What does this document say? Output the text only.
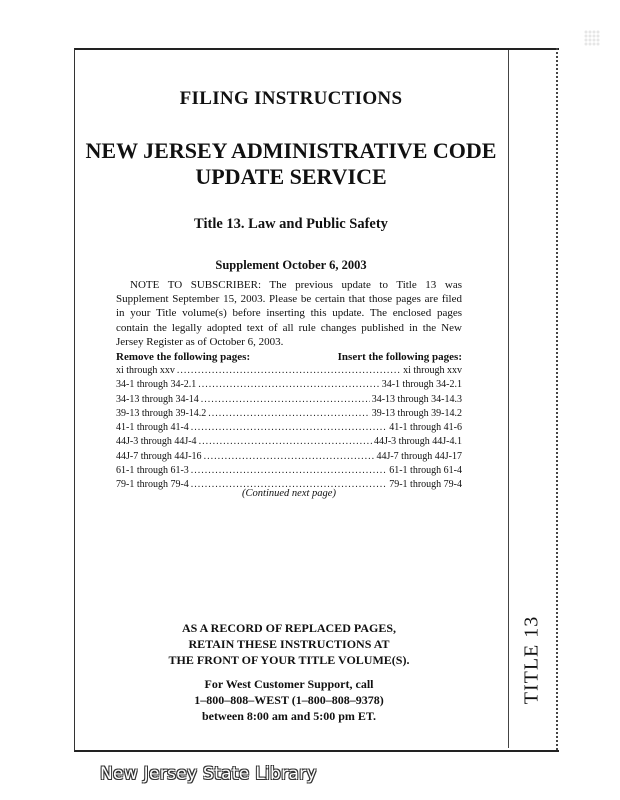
TITLE 13
FILING INSTRUCTIONS
NEW JERSEY ADMINISTRATIVE CODE
UPDATE SERVICE
Title 13. Law and Public Safety
Supplement October 6, 2003
NOTE TO SUBSCRIBER: The previous update to Title 13 was Supplement September 15, 2003. Please be certain that those pages are filed in your Title volume(s) before inserting this update. The enclosed pages contain the legally adopted text of all rule changes published in the New Jersey Register as of October 6, 2003.
Remove the following pages:	Insert the following pages:
xi through xxv .....	xi through xxv
34-1 through 34-2.1 .....	34-1 through 34-2.1
34-13 through 34-14 .....	34-13 through 34-14.3
39-13 through 39-14.2 .....	39-13 through 39-14.2
41-1 through 41-4 .....	41-1 through 41-6
44J-3 through 44J-4 .....	44J-3 through 44J-4.1
44J-7 through 44J-16 .....	44J-7 through 44J-17
61-1 through 61-3 .....	61-1 through 61-4
79-1 through 79-4 .....	79-1 through 79-4
(Continued next page)
AS A RECORD OF REPLACED PAGES,
RETAIN THESE INSTRUCTIONS AT
THE FRONT OF YOUR TITLE VOLUME(S).
For West Customer Support, call
1–800–808–WEST (1–800–808–9378)
between 8:00 am and 5:00 pm ET.
New Jersey State Library
